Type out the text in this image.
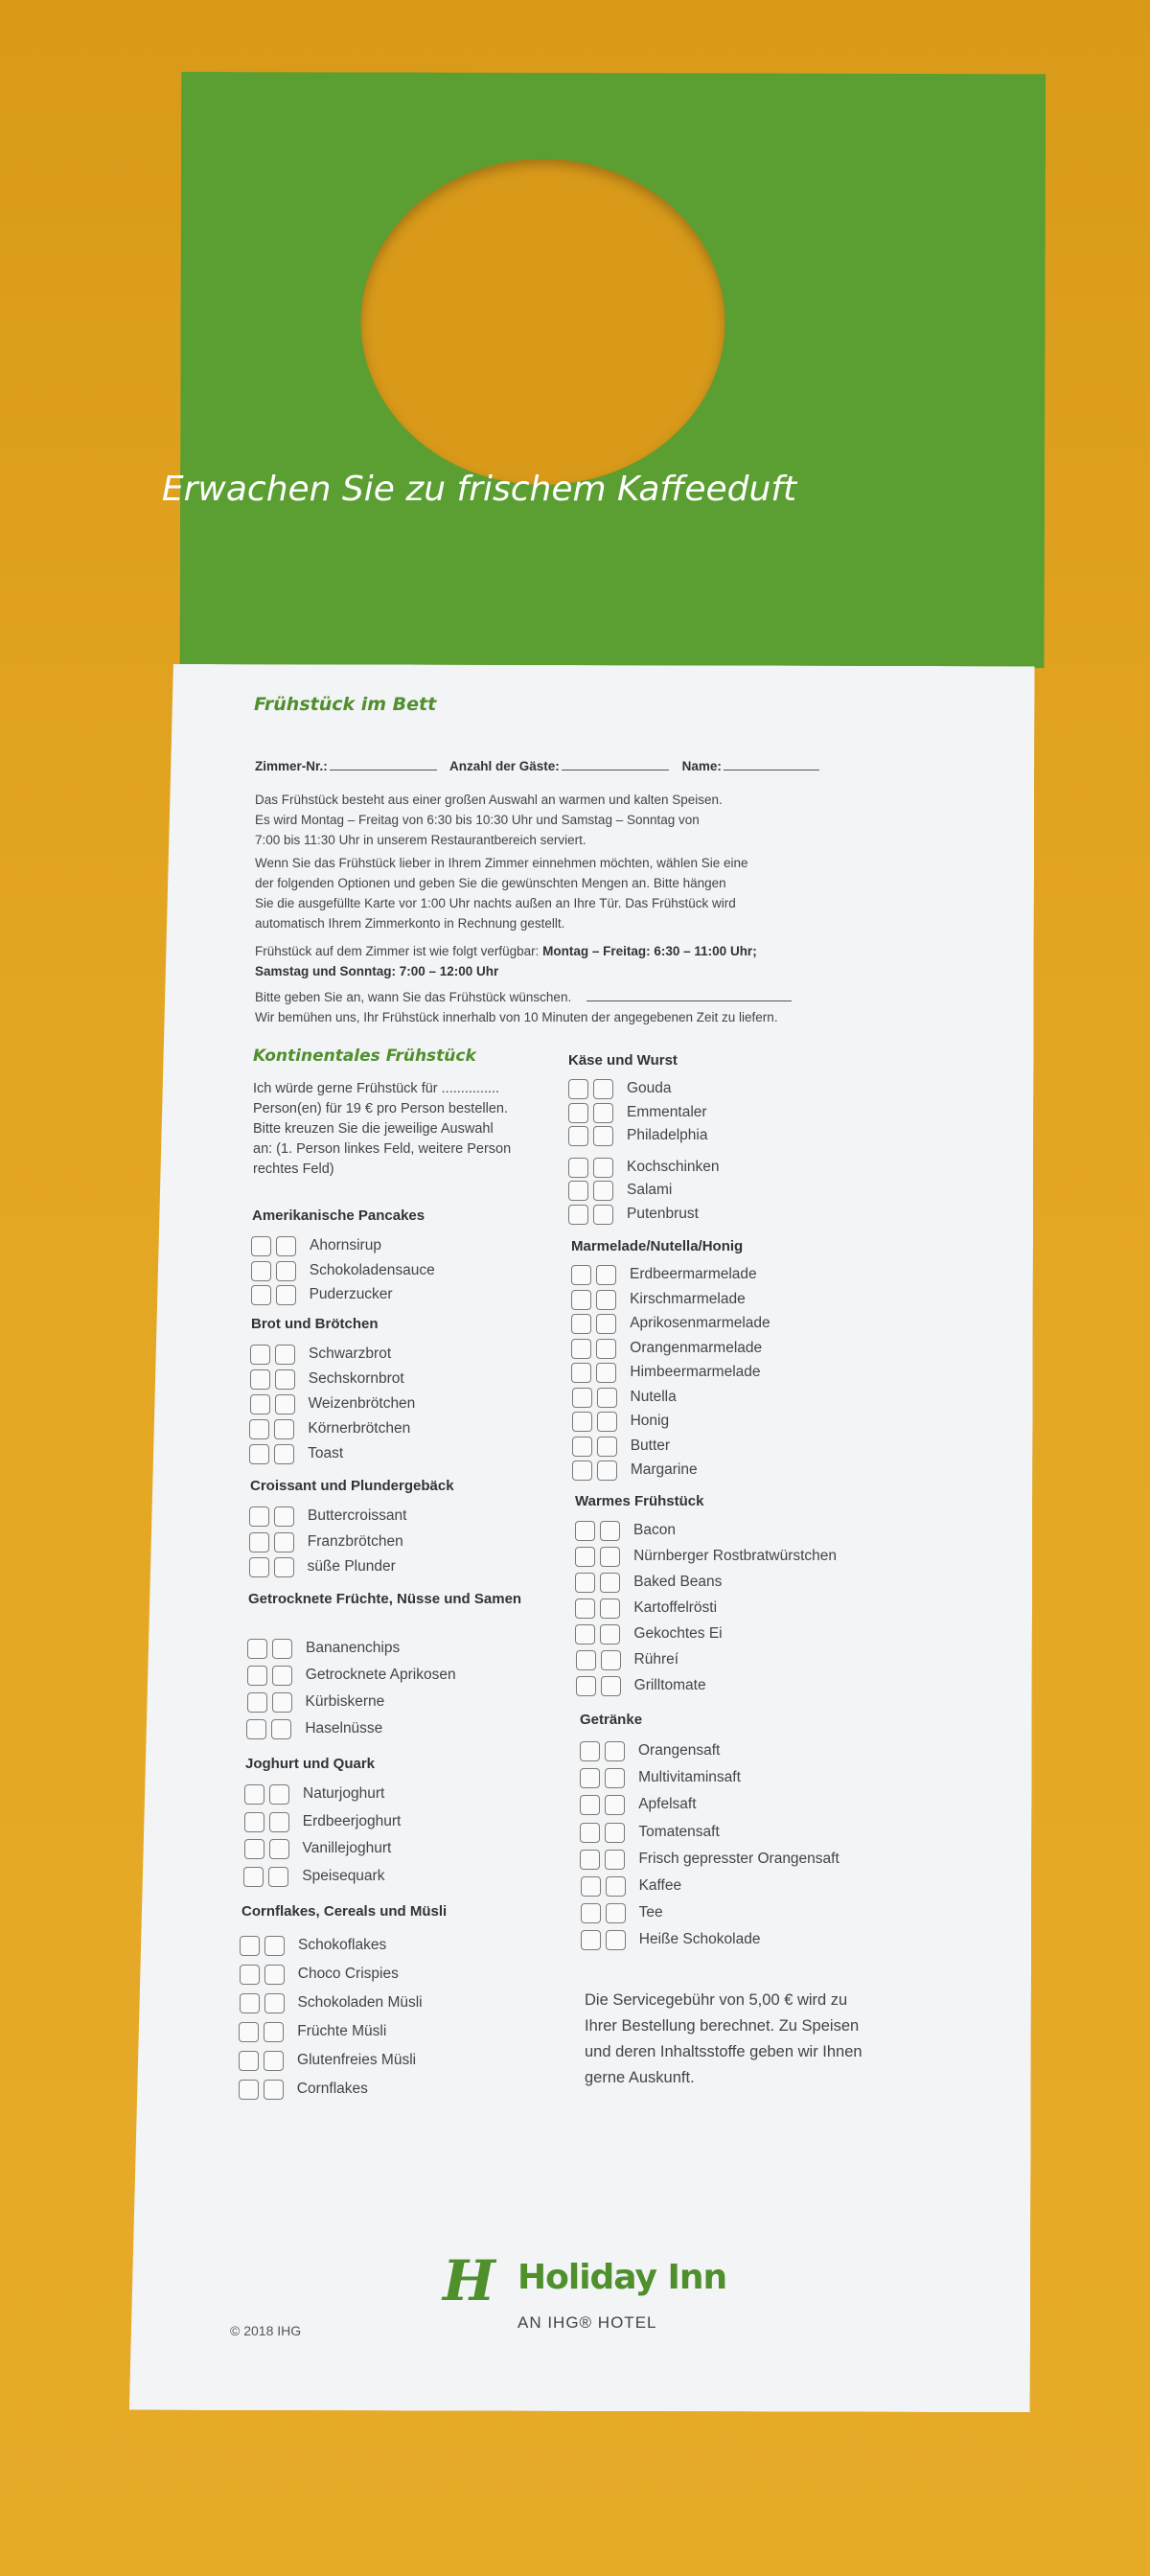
Erwachen Sie zu frischem Kaffeeduft
Frühstück im Bett
Zimmer-Nr.:	Anzahl der Gäste:	Name:
Das Frühstück besteht aus einer großen Auswahl an warmen und kalten Speisen.
Es wird Montag – Freitag von 6:30 bis 10:30 Uhr und Samstag – Sonntag von
7:00 bis 11:30 Uhr in unserem Restaurantbereich serviert.
Wenn Sie das Frühstück lieber in Ihrem Zimmer einnehmen möchten, wählen Sie eine
der folgenden Optionen und geben Sie die gewünschten Mengen an. Bitte hängen
Sie die ausgefüllte Karte vor 1:00 Uhr nachts außen an Ihre Tür. Das Frühstück wird
automatisch Ihrem Zimmerkonto in Rechnung gestellt.
Frühstück auf dem Zimmer ist wie folgt verfügbar: Montag – Freitag: 6:30 – 11:00 Uhr;
Samstag und Sonntag: 7:00 – 12:00 Uhr
Bitte geben Sie an, wann Sie das Frühstück wünschen.
Wir bemühen uns, Ihr Frühstück innerhalb von 10 Minuten der angegebenen Zeit zu liefern.
Kontinentales Frühstück
Ich würde gerne Frühstück für ...............
Person(en) für 19 € pro Person bestellen.
Bitte kreuzen Sie die jeweilige Auswahl
an: (1. Person linkes Feld, weitere Person
rechtes Feld)
Amerikanische Pancakes
Ahornsirup
Schokoladensauce
Puderzucker
Brot und Brötchen
Schwarzbrot
Sechskornbrot
Weizenbrötchen
Körnerbrötchen
Toast
Croissant und Plundergebäck
Buttercroissant
Franzbrötchen
süße Plunder
Getrocknete Früchte, Nüsse und Samen
Bananenchips
Getrocknete Aprikosen
Kürbiskerne
Haselnüsse
Joghurt und Quark
Naturjoghurt
Erdbeerjoghurt
Vanillejoghurt
Speisequark
Cornflakes, Cereals und Müsli
Schokoflakes
Choco Crispies
Schokoladen Müsli
Früchte Müsli
Glutenfreies Müsli
Cornflakes
Käse und Wurst
Gouda
Emmentaler
Philadelphia
Kochschinken
Salami
Putenbrust
Marmelade/Nutella/Honig
Erdbeermarmelade
Kirschmarmelade
Aprikosenmarmelade
Orangenmarmelade
Himbeermarmelade
Nutella
Honig
Butter
Margarine
Warmes Frühstück
Bacon
Nürnberger Rostbratwürstchen
Baked Beans
Kartoffelrösti
Gekochtes Ei
Rühreí
Grilltomate
Getränke
Orangensaft
Multivitaminsaft
Apfelsaft
Tomatensaft
Frisch gepresster Orangensaft
Kaffee
Tee
Heiße Schokolade
Die Servicegebühr von 5,00 € wird zu
Ihrer Bestellung berechnet. Zu Speisen
und deren Inhaltsstoffe geben wir Ihnen
gerne Auskunft.
H Holiday Inn
AN IHG® HOTEL
© 2018 IHG
